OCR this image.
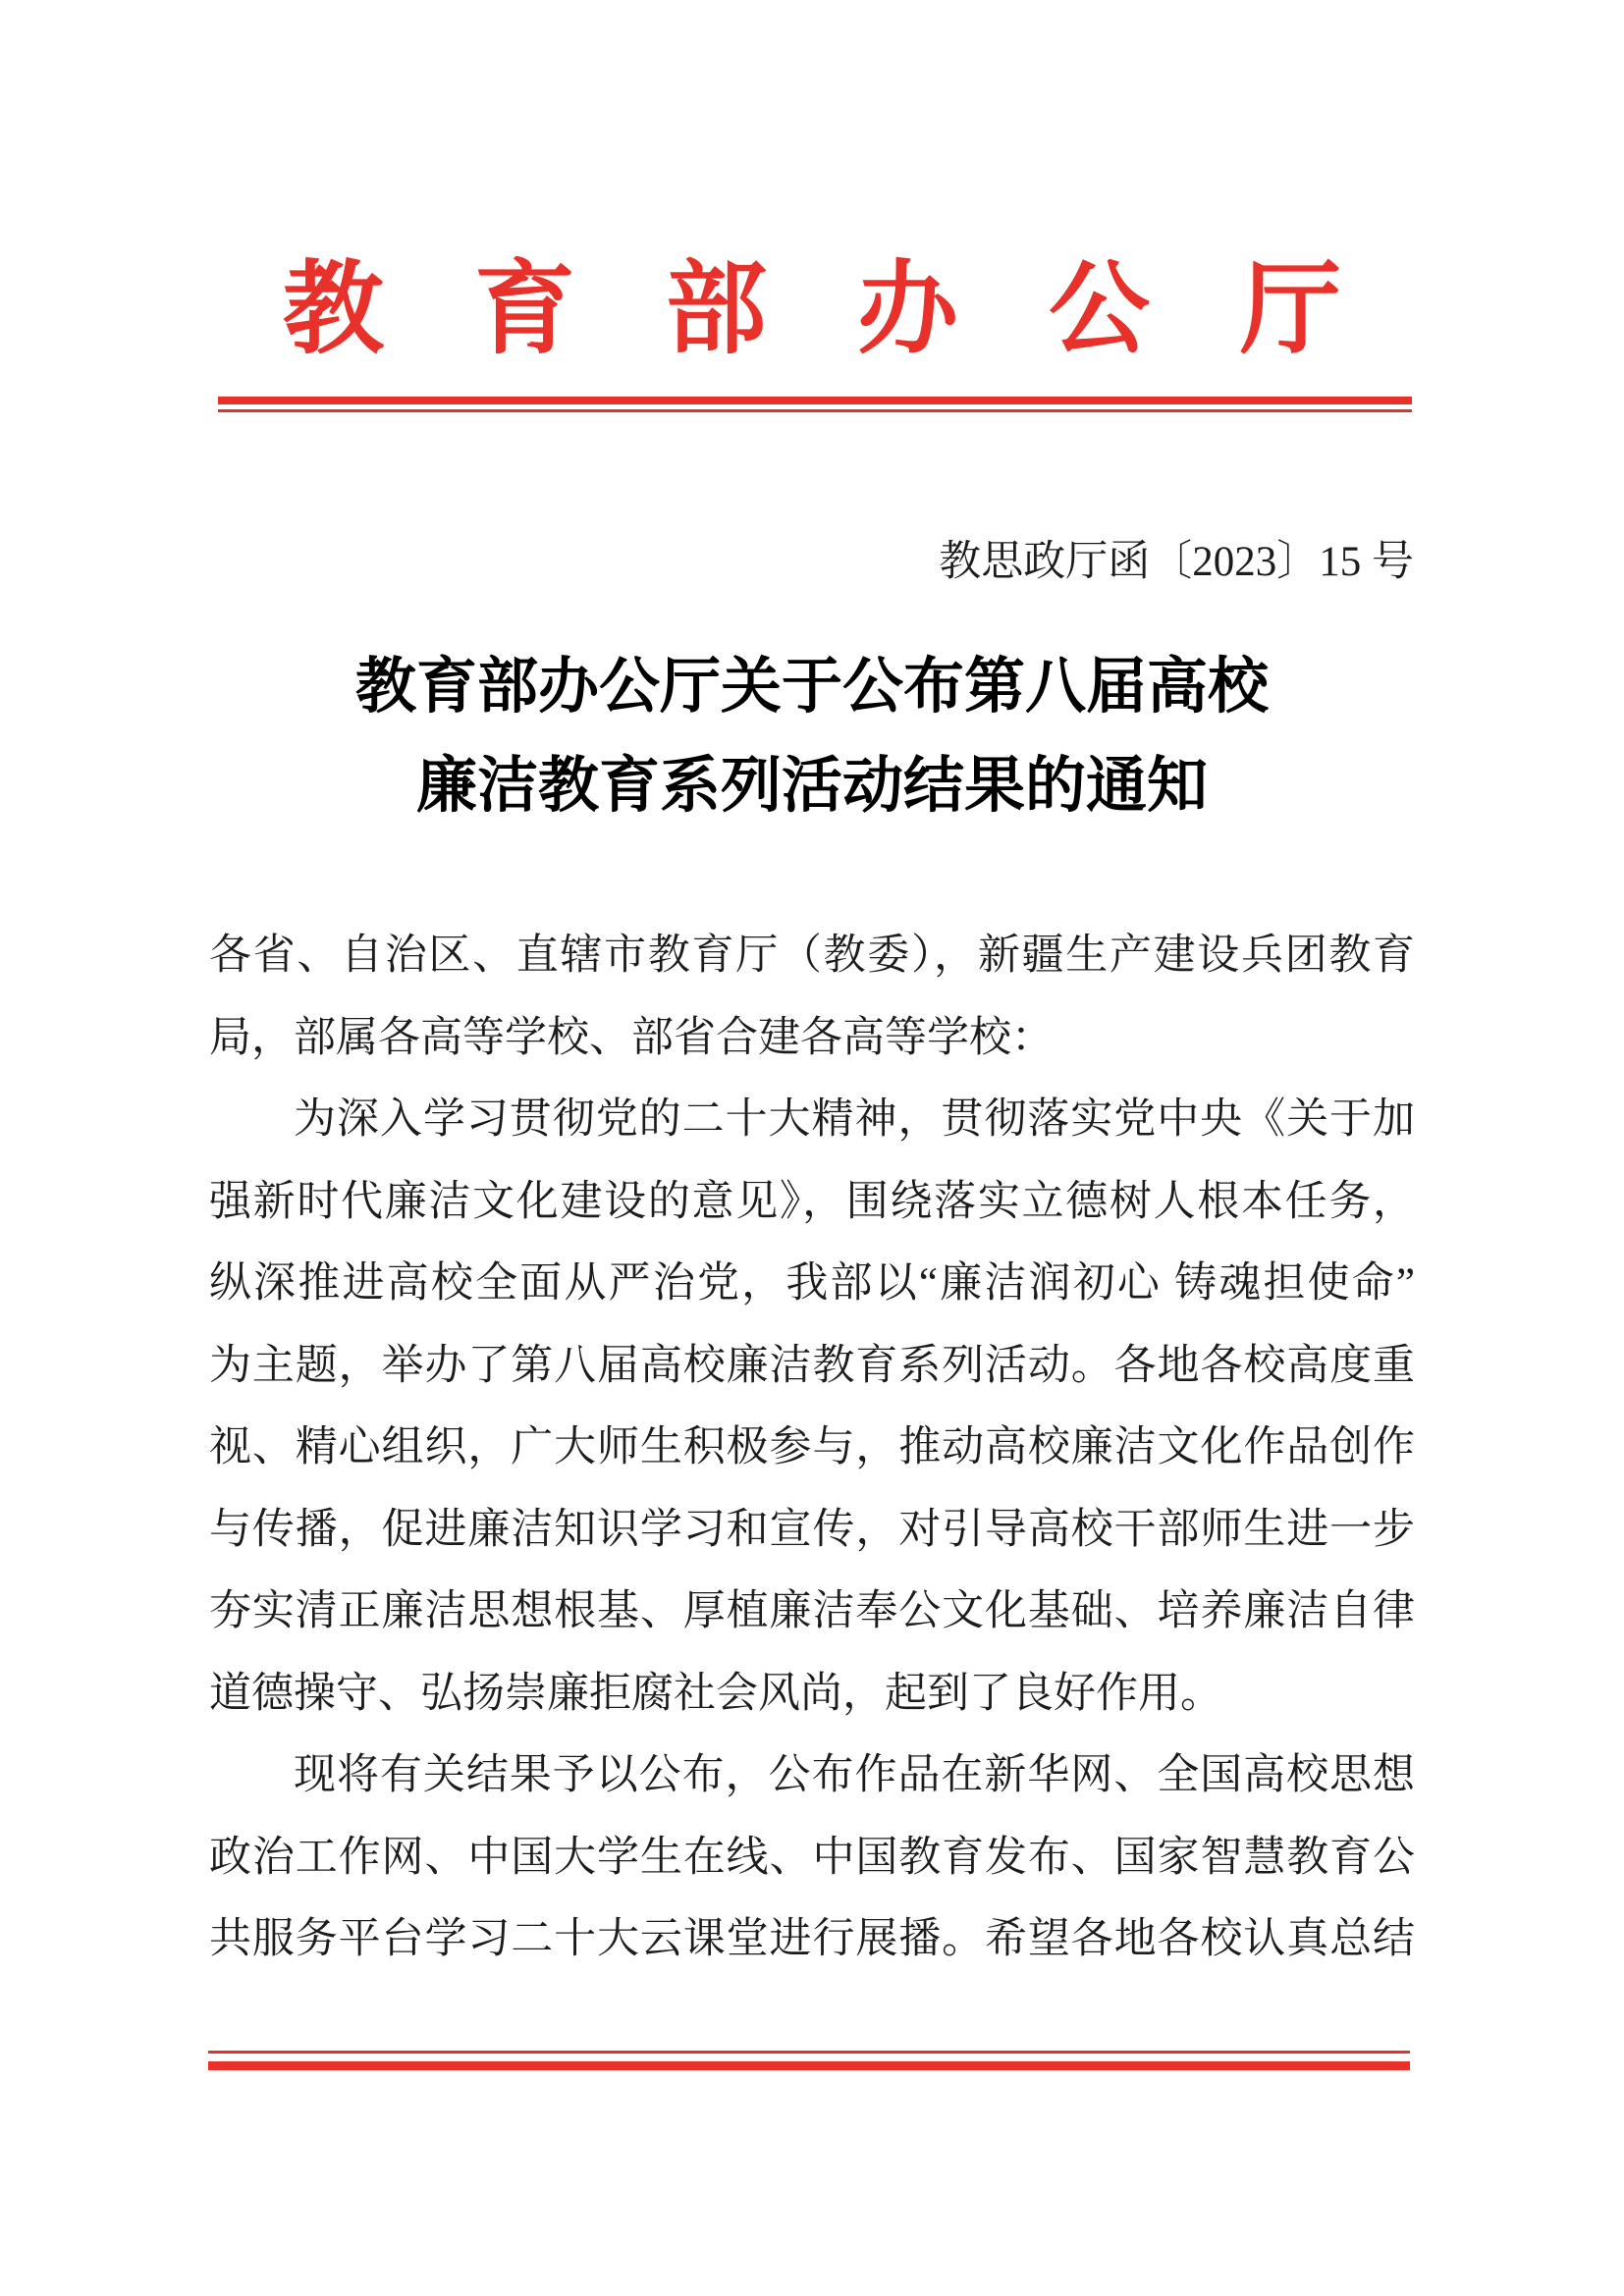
教育部办公厅
教思政厅函〔2023〕15 号
教育部办公厅关于公布第八届高校
廉洁教育系列活动结果的通知
各省、自治区、直辖市教育厅（教委），新疆生产建设兵团教育
局，部属各高等学校、部省合建各高等学校：
为深入学习贯彻党的二十大精神，贯彻落实党中央《关于加
强新时代廉洁文化建设的意见》，围绕落实立德树人根本任务，
纵深推进高校全面从严治党，我部以“廉洁润初心 铸魂担使命”
为主题，举办了第八届高校廉洁教育系列活动。各地各校高度重
视、精心组织，广大师生积极参与，推动高校廉洁文化作品创作
与传播，促进廉洁知识学习和宣传，对引导高校干部师生进一步
夯实清正廉洁思想根基、厚植廉洁奉公文化基础、培养廉洁自律
道德操守、弘扬崇廉拒腐社会风尚，起到了良好作用。
现将有关结果予以公布，公布作品在新华网、全国高校思想
政治工作网、中国大学生在线、中国教育发布、国家智慧教育公
共服务平台学习二十大云课堂进行展播。希望各地各校认真总结
